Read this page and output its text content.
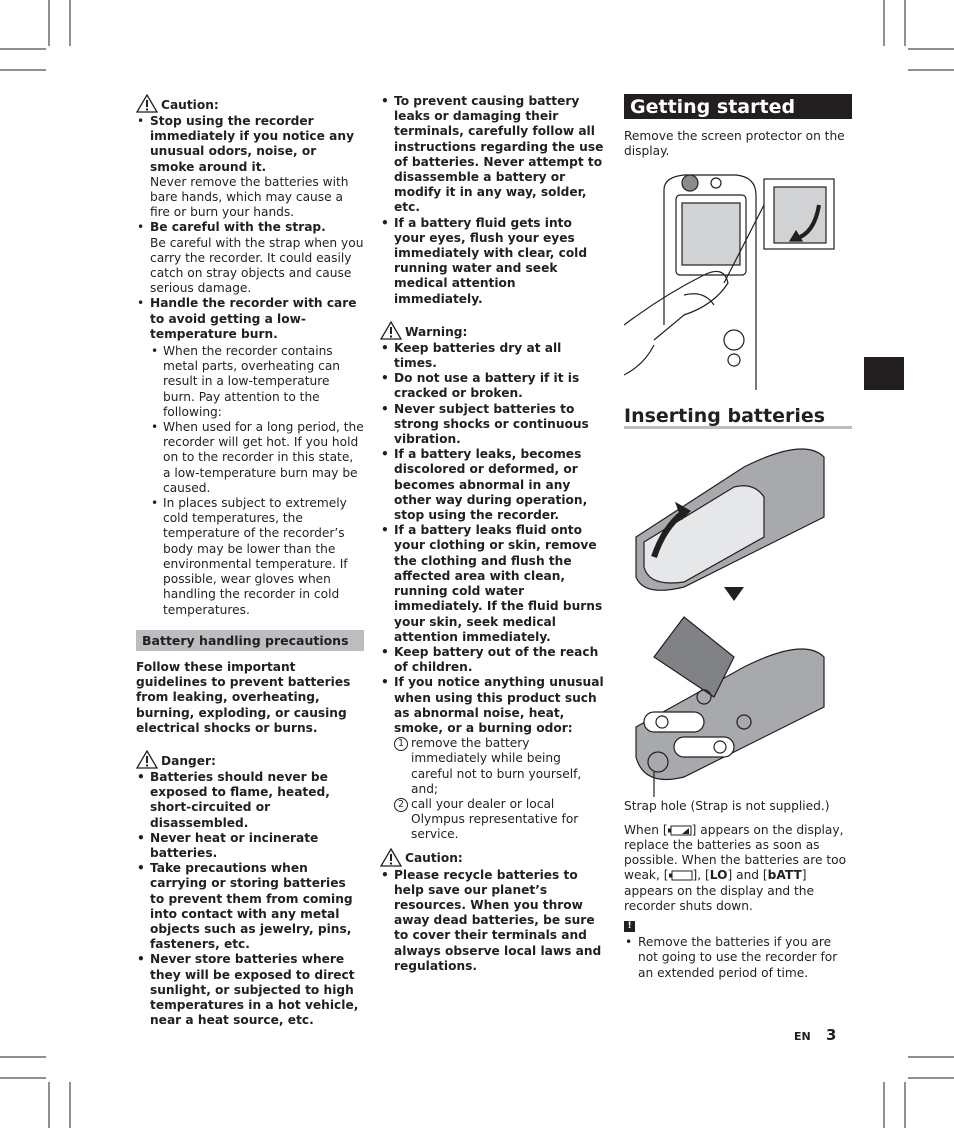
Caution:
• Stop using the recorder immediately if you notice any unusual odors, noise, or smoke around it.
Never remove the batteries with bare hands, which may cause a fire or burn your hands.
• Be careful with the strap.
Be careful with the strap when you carry the recorder. It could easily catch on stray objects and cause serious damage.
• Handle the recorder with care to avoid getting a low-temperature burn.
• When the recorder contains metal parts, overheating can result in a low-temperature burn. Pay attention to the following:
• When used for a long period, the recorder will get hot. If you hold on to the recorder in this state, a low-temperature burn may be caused.
• In places subject to extremely cold temperatures, the temperature of the recorder’s body may be lower than the environmental temperature. If possible, wear gloves when handling the recorder in cold temperatures.
Battery handling precautions

Follow these important guidelines to prevent batteries from leaking, overheating, burning, exploding, or causing electrical shocks or burns.

Danger:
• Batteries should never be exposed to flame, heated, short-circuited or disassembled.
• Never heat or incinerate batteries.
• Take precautions when carrying or storing batteries to prevent them from coming into contact with any metal objects such as jewelry, pins, fasteners, etc.
• Never store batteries where they will be exposed to direct sunlight, or subjected to high temperatures in a hot vehicle, near a heat source, etc.
• To prevent causing battery leaks or damaging their terminals, carefully follow all instructions regarding the use of batteries. Never attempt to disassemble a battery or modify it in any way, solder, etc.
• If a battery fluid gets into your eyes, flush your eyes immediately with clear, cold running water and seek medical attention immediately.
Warning:
• Keep batteries dry at all times.
• Do not use a battery if it is cracked or broken.
• Never subject batteries to strong shocks or continuous vibration.
• If a battery leaks, becomes discolored or deformed, or becomes abnormal in any other way during operation, stop using the recorder.
• If a battery leaks fluid onto your clothing or skin, remove the clothing and flush the affected area with clean, running cold water immediately. If the fluid burns your skin, seek medical attention immediately.
• Keep battery out of the reach of children.
• If you notice anything unusual when using this product such as abnormal noise, heat, smoke, or a burning odor:
1 remove the battery immediately while being careful not to burn yourself, and;
2 call your dealer or local Olympus representative for service.
Caution:
• Please recycle batteries to help save our planet’s resources. When you throw away dead batteries, be sure to cover their terminals and always observe local laws and regulations.
Getting started

Remove the screen protector on the display.

Inserting batteries

Strap hole (Strap is not supplied.)

When [ ] appears on the display, replace the batteries as soon as possible. When the batteries are too weak, [ ], [LO] and [bATT] appears on the display and the recorder shuts down.

!
• Remove the batteries if you are not going to use the recorder for an extended period of time.
EN 3
